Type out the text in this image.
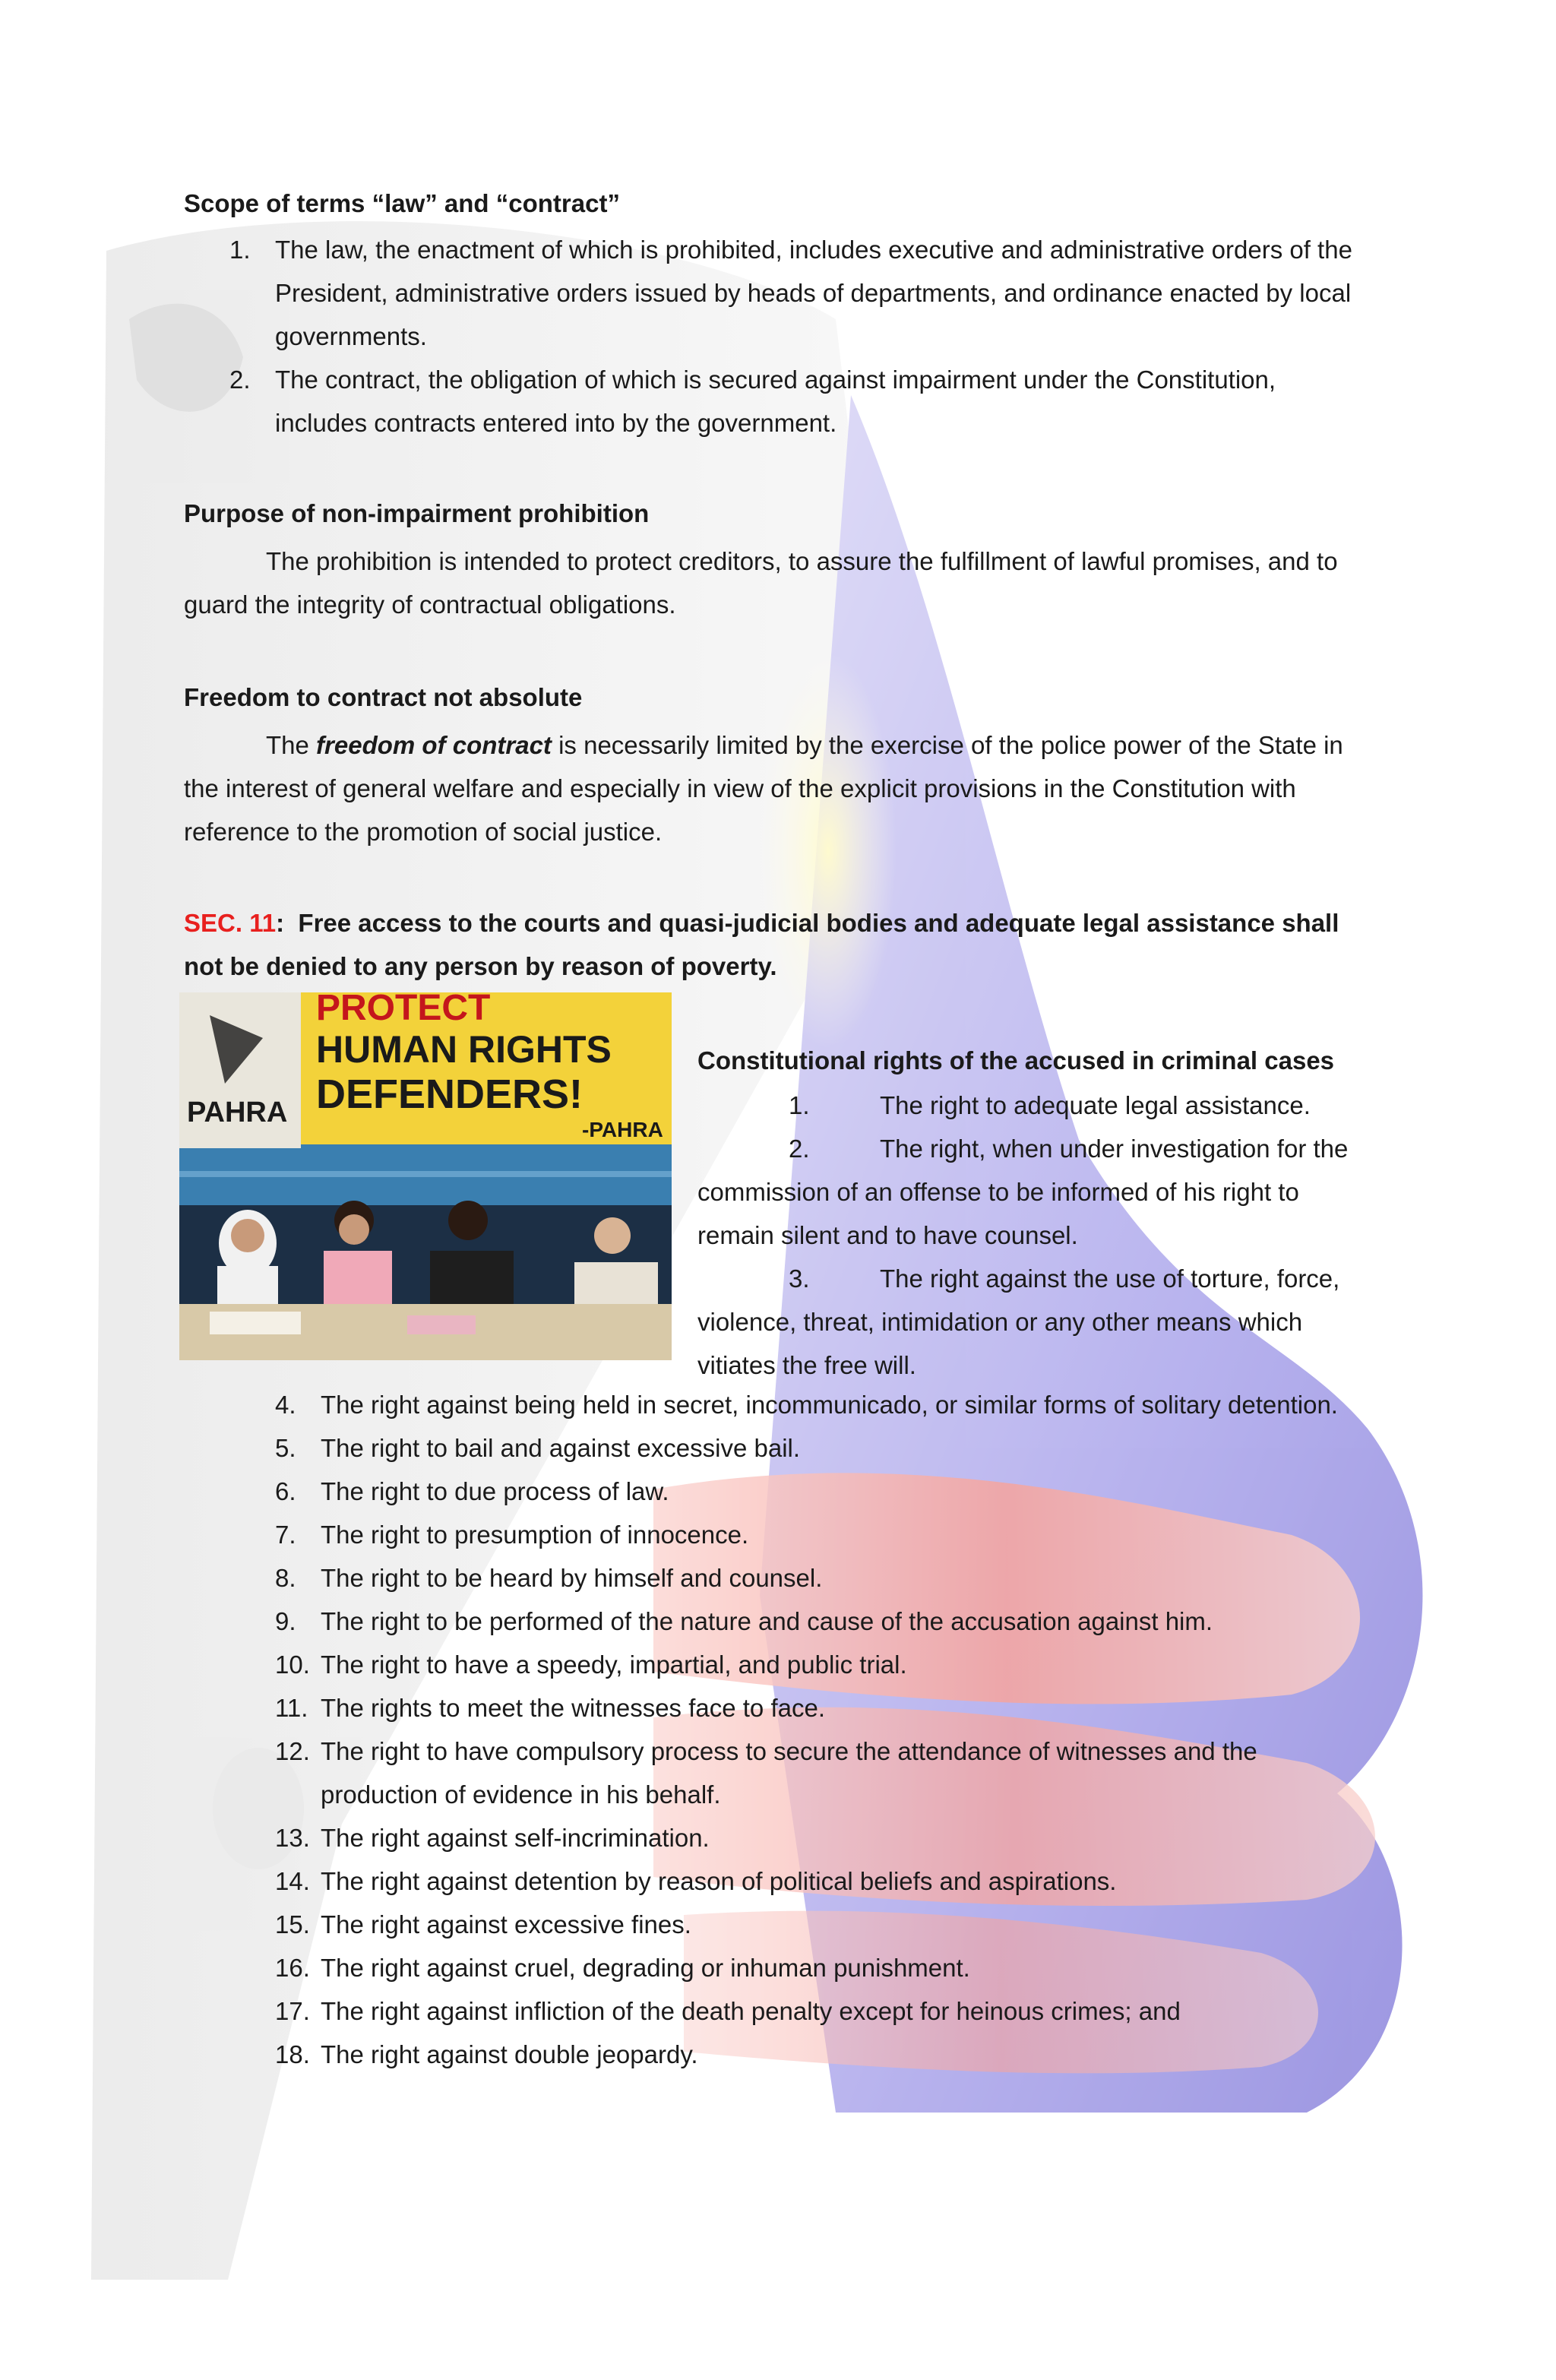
Scope of terms “law” and “contract”
1. The law, the enactment of which is prohibited, includes executive and administrative orders of the President, administrative orders issued by heads of departments, and ordinance enacted by local governments.
2. The contract, the obligation of which is secured against impairment under the Constitution, includes contracts entered into by the government.
Purpose of non-impairment prohibition
The prohibition is intended to protect creditors, to assure the fulfillment of lawful promises, and to guard the integrity of contractual obligations.
Freedom to contract not absolute
The freedom of contract is necessarily limited by the exercise of the police power of the State in the interest of general welfare and especially in view of the explicit provisions in the Constitution with reference to the promotion of social justice.
SEC. 11: Free access to the courts and quasi-judicial bodies and adequate legal assistance shall not be denied to any person by reason of poverty.
PAHRA
PROTECT
HUMAN RIGHTS
DEFENDERS!
-PAHRA
Constitutional rights of the accused in criminal cases
1.	The right to adequate legal assistance.
2.	The right, when under investigation for the commission of an offense to be informed of his right to remain silent and to have counsel.
3.	The right against the use of torture, force, violence, threat, intimidation or any other means which vitiates the free will.
4. The right against being held in secret, incommunicado, or similar forms of solitary detention.
5. The right to bail and against excessive bail.
6. The right to due process of law.
7. The right to presumption of innocence.
8. The right to be heard by himself and counsel.
9. The right to be performed of the nature and cause of the accusation against him.
10. The right to have a speedy, impartial, and public trial.
11. The rights to meet the witnesses face to face.
12. The right to have compulsory process to secure the attendance of witnesses and the production of evidence in his behalf.
13. The right against self-incrimination.
14. The right against detention by reason of political beliefs and aspirations.
15. The right against excessive fines.
16. The right against cruel, degrading or inhuman punishment.
17. The right against infliction of the death penalty except for heinous crimes; and
18. The right against double jeopardy.
